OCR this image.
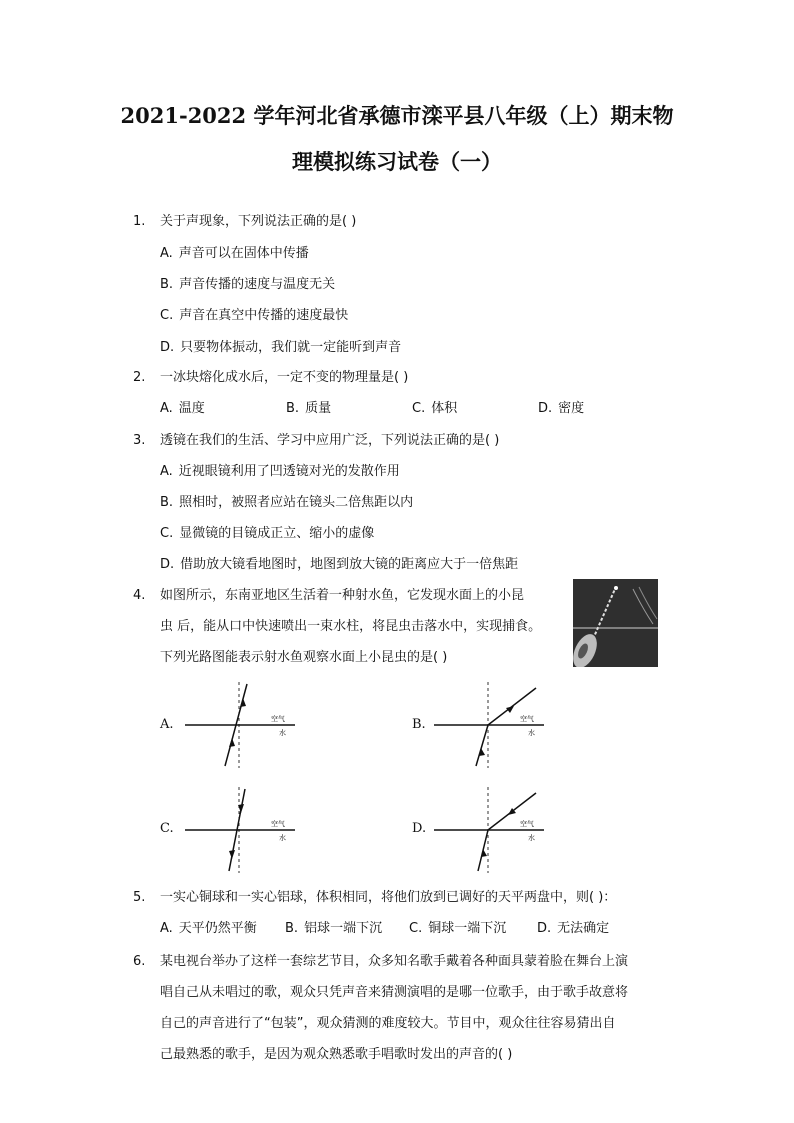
2021-2022 学年河北省承德市滦平县八年级（上）期末物
理模拟练习试卷（一）
1. 关于声现象，下列说法正确的是( )
A. 声音可以在固体中传播
B. 声音传播的速度与温度无关
C. 声音在真空中传播的速度最快
D. 只要物体振动，我们就一定能听到声音
2. 一冰块熔化成水后，一定不变的物理量是( )
A. 温度	B. 质量	C. 体积	D. 密度
3. 透镜在我们的生活、学习中应用广泛，下列说法正确的是( )
A. 近视眼镜利用了凹透镜对光的发散作用
B. 照相时，被照者应站在镜头二倍焦距以内
C. 显微镜的目镜成正立、缩小的虚像
D. 借助放大镜看地图时，地图到放大镜的距离应大于一倍焦距
4. 如图所示，东南亚地区生活着一种射水鱼，它发现水面上的小昆
虫 后，能从口中快速喷出一束水柱，将昆虫击落水中，实现捕食。
下列光路图能表示射水鱼观察水面上小昆虫的是( )
A.	空气
水
B.	空气
水
C.	空气
水
D.	空气
水
5. 一实心铜球和一实心铝球，体积相同，将他们放到已调好的天平两盘中，则( )：
A. 天平仍然平衡 B. 铝球一端下沉 C. 铜球一端下沉 D. 无法确定
6. 某电视台举办了这样一套综艺节目，众多知名歌手戴着各种面具蒙着脸在舞台上演
唱自己从未唱过的歌，观众只凭声音来猜测演唱的是哪一位歌手，由于歌手故意将
自己的声音进行了“包装”，观众猜测的难度较大。节目中，观众往往容易猜出自
己最熟悉的歌手，是因为观众熟悉歌手唱歌时发出的声音的( )
